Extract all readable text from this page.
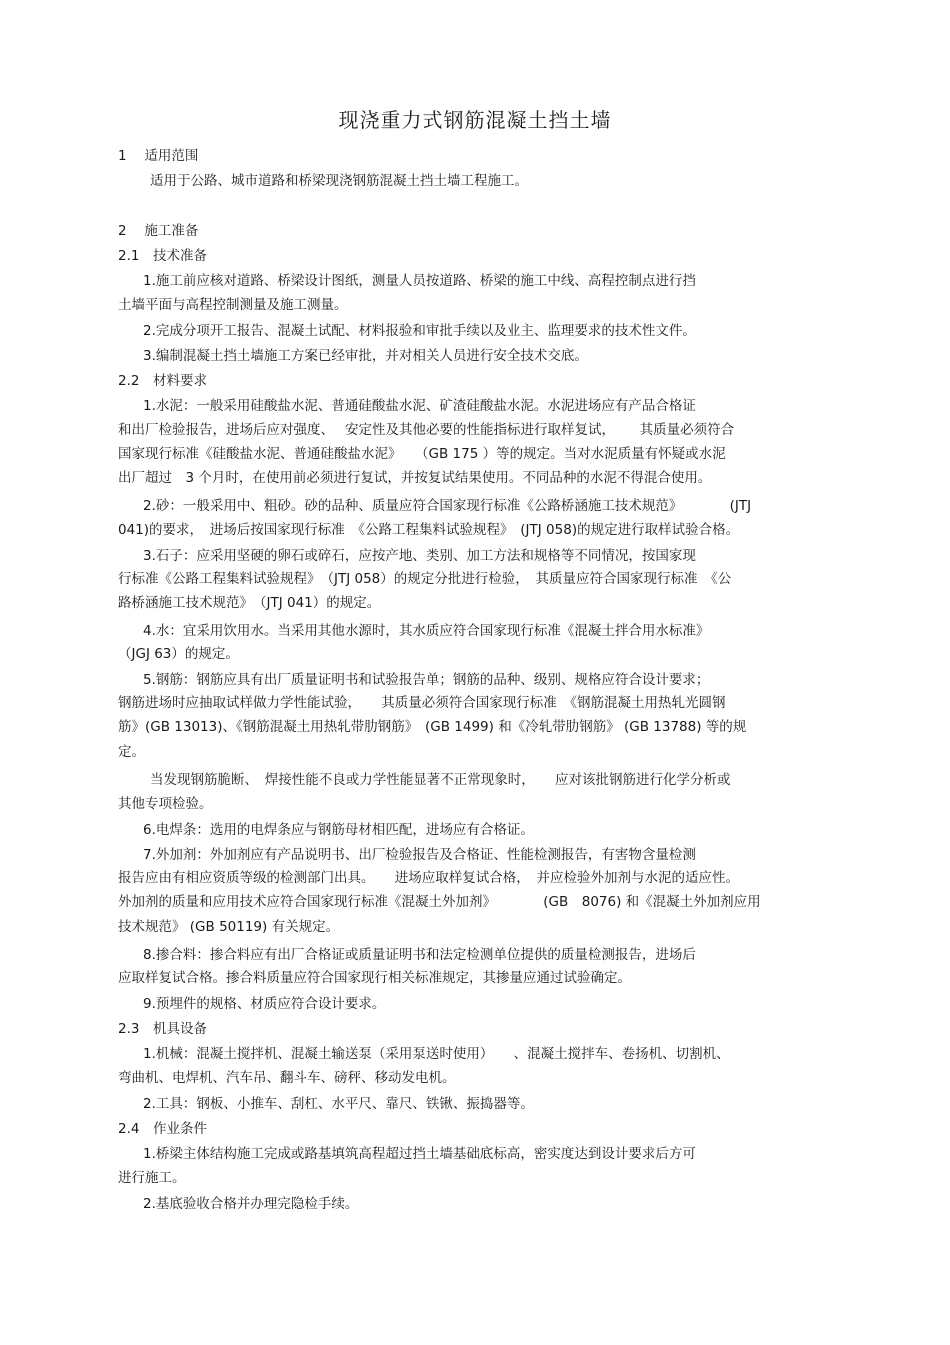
现浇重力式钢筋混凝土挡土墙
1　 适用范围
适用于公路、城市道路和桥梁现浇钢筋混凝土挡土墙工程施工。
2　 施工准备
2.1　技术准备
1.施工前应核对道路、桥梁设计图纸，测量人员按道路、桥梁的施工中线、高程控制点进行挡
土墙平面与高程控制测量及施工测量。
2.完成分项开工报告、混凝土试配、材料报验和审批手续以及业主、监理要求的技术性文件。
3.编制混凝土挡土墙施工方案已经审批，并对相关人员进行安全技术交底。
2.2　材料要求
1.水泥：一般采用硅酸盐水泥、普通硅酸盐水泥、矿渣硅酸盐水泥。水泥进场应有产品合格证
和出厂检验报告，进场后应对强度、　 安定性及其他必要的性能指标进行取样复试，　　 其质量必须符合
国家现行标准《硅酸盐水泥、普通硅酸盐水泥》　　（GB 175 ）等的规定。当对水泥质量有怀疑或水泥
出厂超过　3 个月时，在使用前必须进行复试，并按复试结果使用。不同品种的水泥不得混合使用。
2.砂：一般采用中、粗砂。砂的品种、质量应符合国家现行标准《公路桥涵施工技术规范》　　　　(JTJ
041)的要求，　进场后按国家现行标准　《公路工程集料试验规程》　(JTJ 058)的规定进行取样试验合格。
3.石子：应采用坚硬的卵石或碎石，应按产地、类别、加工方法和规格等不同情况，按国家现
行标准《公路工程集料试验规程》　（JTJ 058）的规定分批进行检验，　其质量应符合国家现行标准　《公
路桥涵施工技术规范》　（JTJ 041）的规定。
4.水：宜采用饮用水。当采用其他水源时，其水质应符合国家现行标准《混凝土拌合用水标准》
（JGJ 63）的规定。
5.钢筋：钢筋应具有出厂质量证明书和试验报告单；钢筋的品种、级别、规格应符合设计要求；
钢筋进场时应抽取试样做力学性能试验，　　其质量必须符合国家现行标准　《钢筋混凝土用热轧光圆钢
筋》(GB 13013)、《钢筋混凝土用热轧带肋钢筋》　(GB 1499) 和《冷轧带肋钢筋》 (GB 13788) 等的规
定。
当发现钢筋脆断、　焊接性能不良或力学性能显著不正常现象时，　　应对该批钢筋进行化学分析或
其他专项检验。
6.电焊条：选用的电焊条应与钢筋母材相匹配，进场应有合格证。
7.外加剂：外加剂应有产品说明书、出厂检验报告及合格证、性能检测报告，有害物含量检测
报告应由有相应资质等级的检测部门出具。　　进场应取样复试合格，　并应检验外加剂与水泥的适应性。
外加剂的质量和应用技术应符合国家现行标准《混凝土外加剂》　　　　(GB　8076) 和《混凝土外加剂应用
技术规范》 (GB 50119) 有关规定。
8.掺合料：掺合料应有出厂合格证或质量证明书和法定检测单位提供的质量检测报告，进场后
应取样复试合格。掺合料质量应符合国家现行相关标准规定，其掺量应通过试验确定。
9.预埋件的规格、材质应符合设计要求。
2.3　机具设备
1.机械：混凝土搅拌机、混凝土输送泵（采用泵送时使用）　　、混凝土搅拌车、卷扬机、切割机、
弯曲机、电焊机、汽车吊、翻斗车、磅秤、移动发电机。
2.工具：钢板、小推车、刮杠、水平尺、靠尺、铁锹、振捣器等。
2.4　作业条件
1.桥梁主体结构施工完成或路基填筑高程超过挡土墙基础底标高，密实度达到设计要求后方可
进行施工。
2.基底验收合格并办理完隐检手续。
